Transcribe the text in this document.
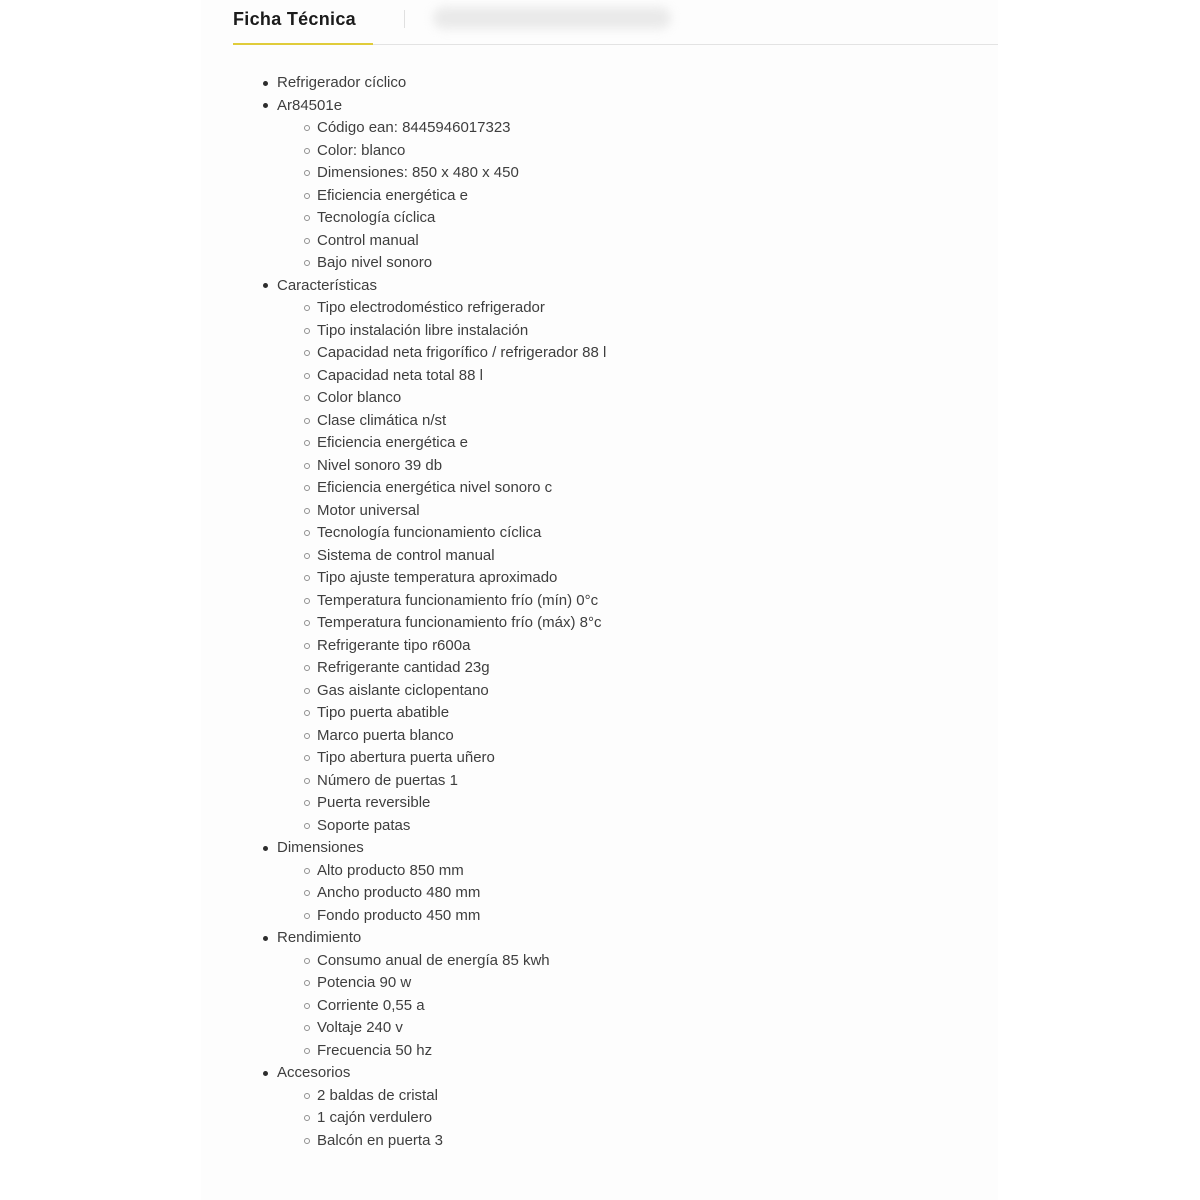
Ficha Técnica
Refrigerador cíclico
Ar84501e
Código ean: 8445946017323
Color: blanco
Dimensiones: 850 x 480 x 450
Eficiencia energética e
Tecnología cíclica
Control manual
Bajo nivel sonoro
Características
Tipo electrodoméstico refrigerador
Tipo instalación libre instalación
Capacidad neta frigorífico / refrigerador 88 l
Capacidad neta total 88 l
Color blanco
Clase climática n/st
Eficiencia energética e
Nivel sonoro 39 db
Eficiencia energética nivel sonoro c
Motor universal
Tecnología funcionamiento cíclica
Sistema de control manual
Tipo ajuste temperatura aproximado
Temperatura funcionamiento frío (mín) 0°c
Temperatura funcionamiento frío (máx) 8°c
Refrigerante tipo r600a
Refrigerante cantidad 23g
Gas aislante ciclopentano
Tipo puerta abatible
Marco puerta blanco
Tipo abertura puerta uñero
Número de puertas 1
Puerta reversible
Soporte patas
Dimensiones
Alto producto 850 mm
Ancho producto 480 mm
Fondo producto 450 mm
Rendimiento
Consumo anual de energía 85 kwh
Potencia 90 w
Corriente 0,55 a
Voltaje 240 v
Frecuencia 50 hz
Accesorios
2 baldas de cristal
1 cajón verdulero
Balcón en puerta 3
